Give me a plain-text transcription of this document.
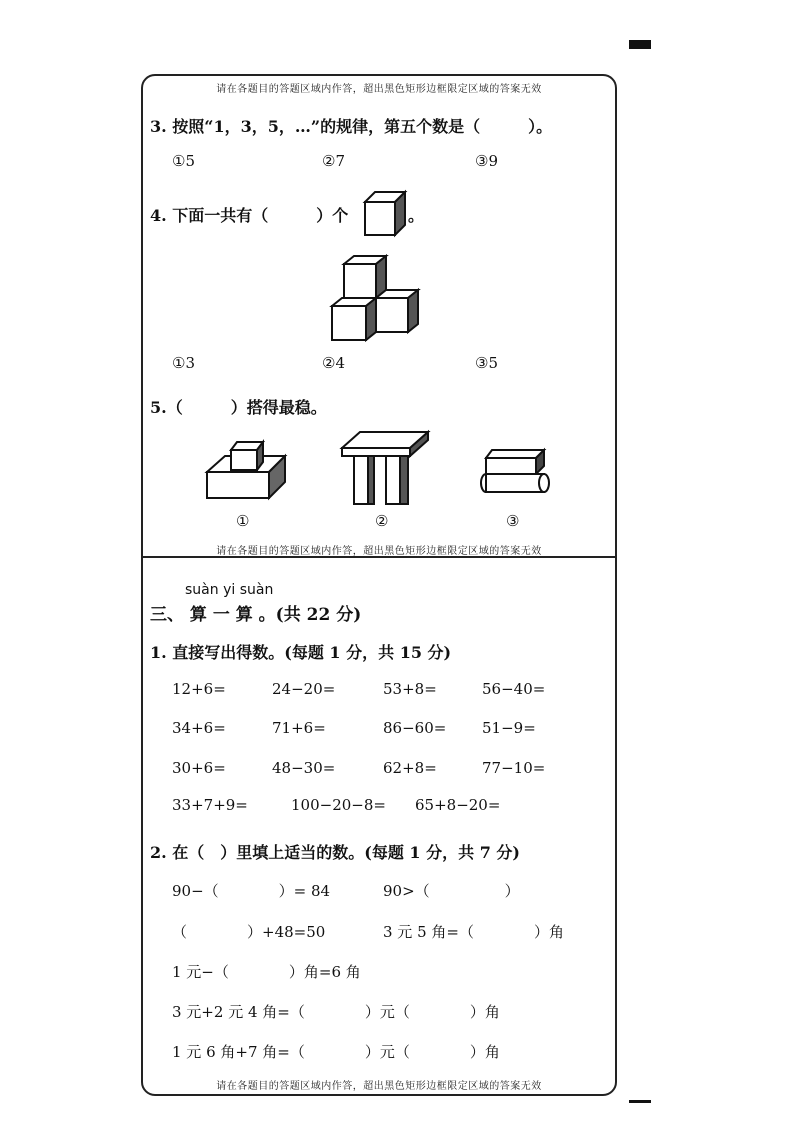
请在各题目的答题区域内作答，超出黑色矩形边框限定区域的答案无效
3. 按照“1，3，5，…”的规律，第五个数是（　　　）。
①5	②7	③9
4. 下面一共有（　　　）个	。
①3	②4	③5
5.（　　　）搭得最稳。
①	②	③
请在各题目的答题区域内作答，超出黑色矩形边框限定区域的答案无效
suàn yi suàn
三、 算 一 算 。(共 22 分)
1. 直接写出得数。(每题 1 分，共 15 分)
12+6=	24−20=	53+8=	56−40=
34+6=	71+6=	86−60= 51−9=
30+6=	48−30=	62+8=	77−10=
33+7+9=	100−20−8= 65+8−20=
2. 在（　）里填上适当的数。(每题 1 分，共 7 分)
90−（　　　　）= 84	90>（　　　　　）
（　　　　）+48=50	3 元 5 角=（　　　　）角
1 元−（　　　　）角=6 角
3 元+2 元 4 角=（　　　　）元（　　　　）角
1 元 6 角+7 角=（　　　　）元（　　　　）角
请在各题目的答题区域内作答，超出黑色矩形边框限定区域的答案无效
